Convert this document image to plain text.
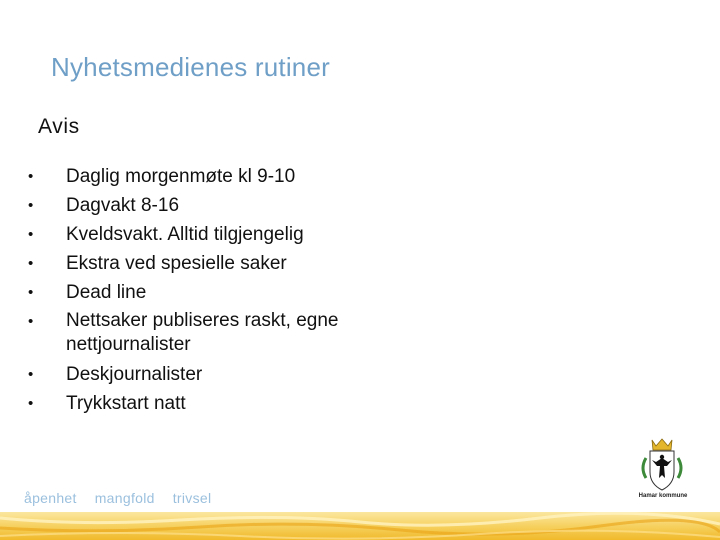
Nyhetsmedienes rutiner
Avis
•	Daglig morgenmøte kl 9-10
•	Dagvakt 8-16
•	Kveldsvakt. Alltid tilgjengelig
•	Ekstra ved spesielle saker
•	Dead line
•	Nettsaker publiseres raskt, egne nettjournalister
•	Deskjournalister
•	Trykkstart natt
åpenhet mangfold trivsel	Hamar kommune
